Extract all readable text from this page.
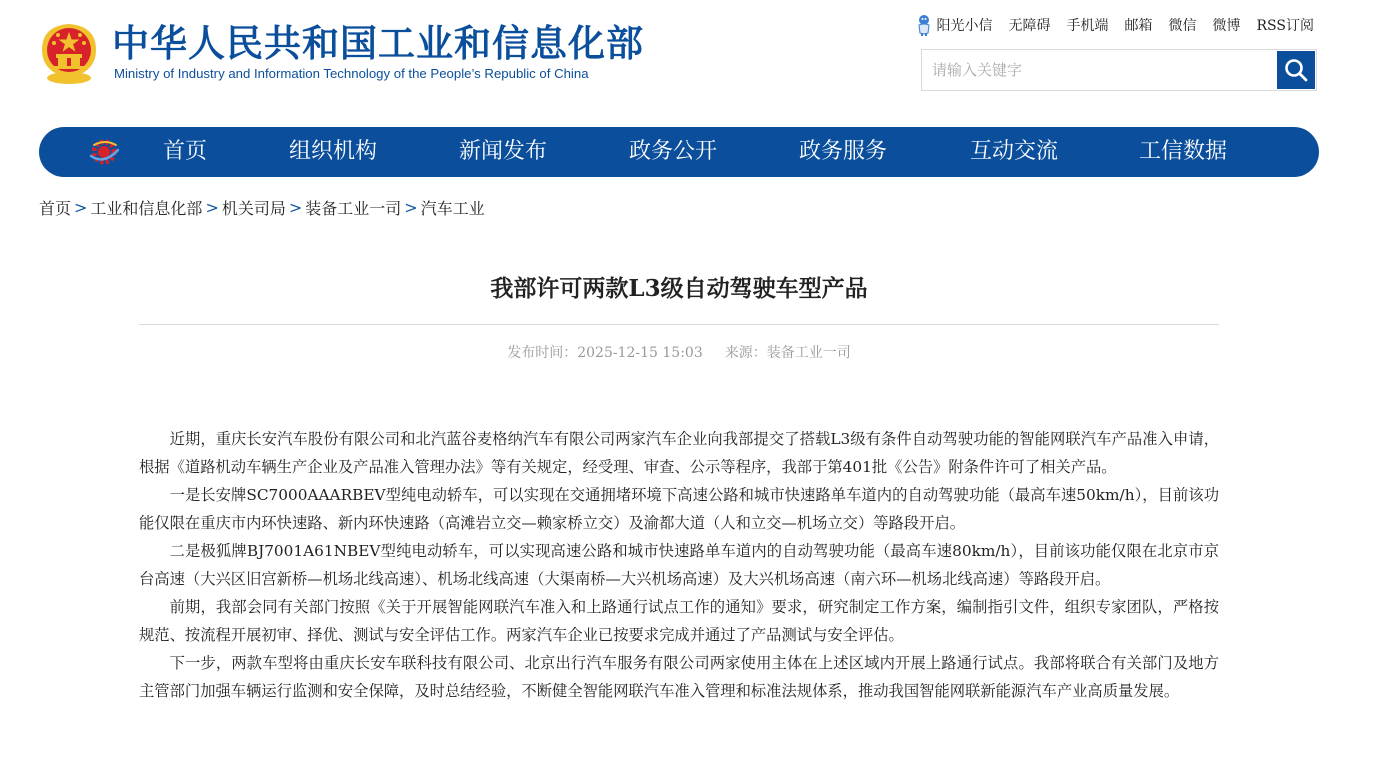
中华人民共和国工业和信息化部
Ministry of Industry and Information Technology of the People’s Republic of China
阳光小信 无障碍 手机端 邮箱 微信 微博 RSS订阅
请输入关键字
首页	组织机构	新闻发布	政务公开	政务服务	互动交流	工信数据
首页 > 工业和信息化部 > 机关司局 > 装备工业一司 > 汽车工业
我部许可两款L3级自动驾驶车型产品
发布时间：2025-12-15 15:03 来源：装备工业一司

近期，重庆长安汽车股份有限公司和北汽蓝谷麦格纳汽车有限公司两家汽车企业向我部提交了搭载L3级有条件自动驾驶功能的智能网联汽车产品准入申请，根据《道路机动车辆生产企业及产品准入管理办法》等有关规定，经受理、审查、公示等程序，我部于第401批《公告》附条件许可了相关产品。

一是长安牌SC7000AAARBEV型纯电动轿车，可以实现在交通拥堵环境下高速公路和城市快速路单车道内的自动驾驶功能（最高车速50km/h），目前该功能仅限在重庆市内环快速路、新内环快速路（高滩岩立交—赖家桥立交）及渝都大道（人和立交—机场立交）等路段开启。

二是极狐牌BJ7001A61NBEV型纯电动轿车，可以实现高速公路和城市快速路单车道内的自动驾驶功能（最高车速80km/h），目前该功能仅限在北京市京台高速（大兴区旧宫新桥—机场北线高速）、机场北线高速（大渠南桥—大兴机场高速）及大兴机场高速（南六环—机场北线高速）等路段开启。

前期，我部会同有关部门按照《关于开展智能网联汽车准入和上路通行试点工作的通知》要求，研究制定工作方案，编制指引文件，组织专家团队，严格按规范、按流程开展初审、择优、测试与安全评估工作。两家汽车企业已按要求完成并通过了产品测试与安全评估。

下一步，两款车型将由重庆长安车联科技有限公司、北京出行汽车服务有限公司两家使用主体在上述区域内开展上路通行试点。我部将联合有关部门及地方主管部门加强车辆运行监测和安全保障，及时总结经验，不断健全智能网联汽车准入管理和标准法规体系，推动我国智能网联新能源汽车产业高质量发展。
